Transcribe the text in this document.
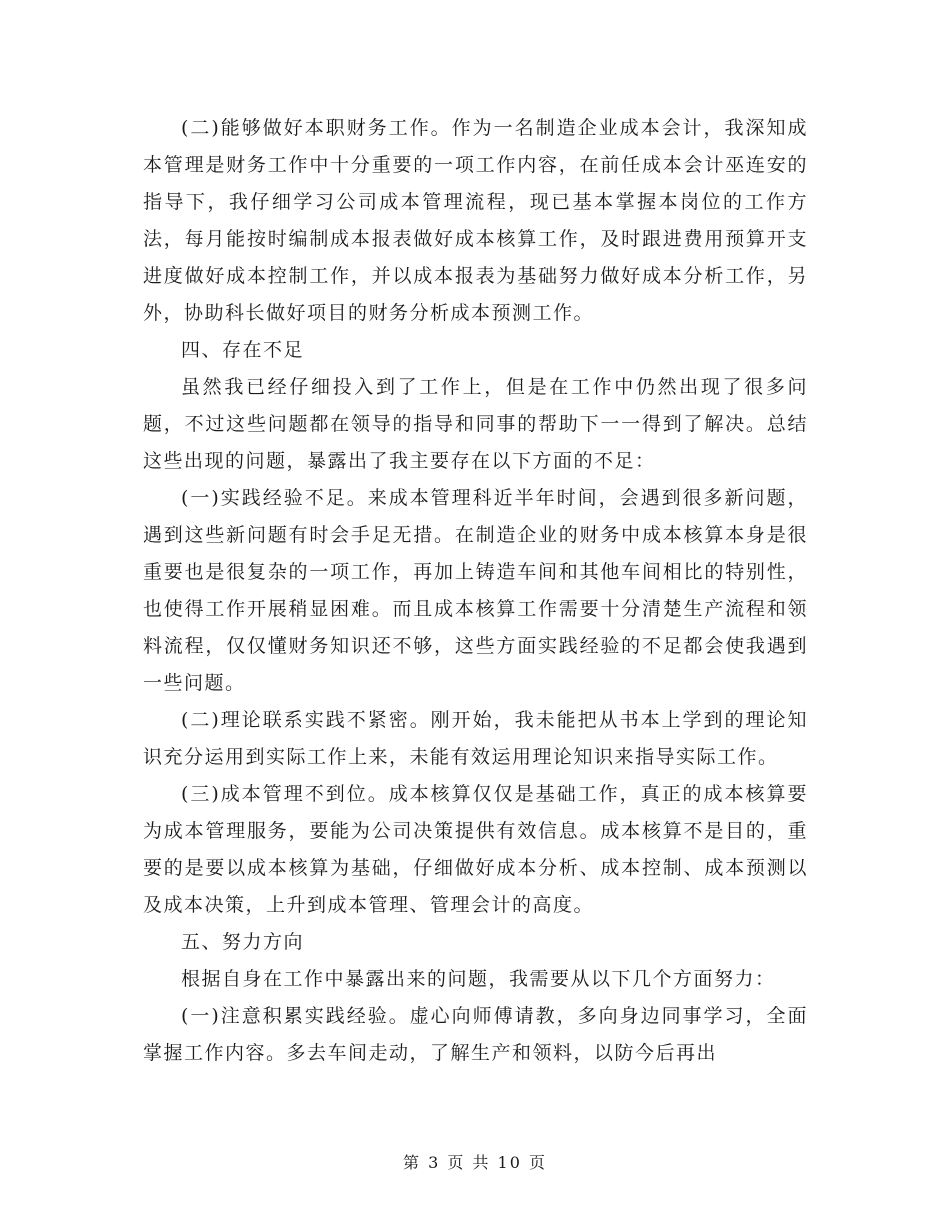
(二)能够做好本职财务工作。作为一名制造企业成本会计，我深知成本管理是财务工作中十分重要的一项工作内容，在前任成本会计巫连安的指导下，我仔细学习公司成本管理流程，现已基本掌握本岗位的工作方法，每月能按时编制成本报表做好成本核算工作，及时跟进费用预算开支进度做好成本控制工作，并以成本报表为基础努力做好成本分析工作，另外，协助科长做好项目的财务分析成本预测工作。

四、存在不足

虽然我已经仔细投入到了工作上，但是在工作中仍然出现了很多问题，不过这些问题都在领导的指导和同事的帮助下一一得到了解决。总结这些出现的问题，暴露出了我主要存在以下方面的不足：

(一)实践经验不足。来成本管理科近半年时间，会遇到很多新问题，遇到这些新问题有时会手足无措。在制造企业的财务中成本核算本身是很重要也是很复杂的一项工作，再加上铸造车间和其他车间相比的特别性，也使得工作开展稍显困难。而且成本核算工作需要十分清楚生产流程和领料流程，仅仅懂财务知识还不够，这些方面实践经验的不足都会使我遇到一些问题。

(二)理论联系实践不紧密。刚开始，我未能把从书本上学到的理论知识充分运用到实际工作上来，未能有效运用理论知识来指导实际工作。

(三)成本管理不到位。成本核算仅仅是基础工作，真正的成本核算要为成本管理服务，要能为公司决策提供有效信息。成本核算不是目的，重要的是要以成本核算为基础，仔细做好成本分析、成本控制、成本预测以及成本决策，上升到成本管理、管理会计的高度。

五、努力方向

根据自身在工作中暴露出来的问题，我需要从以下几个方面努力：

(一)注意积累实践经验。虚心向师傅请教，多向身边同事学习，全面掌握工作内容。多去车间走动，了解生产和领料，以防今后再出

第 3 页 共 10 页
